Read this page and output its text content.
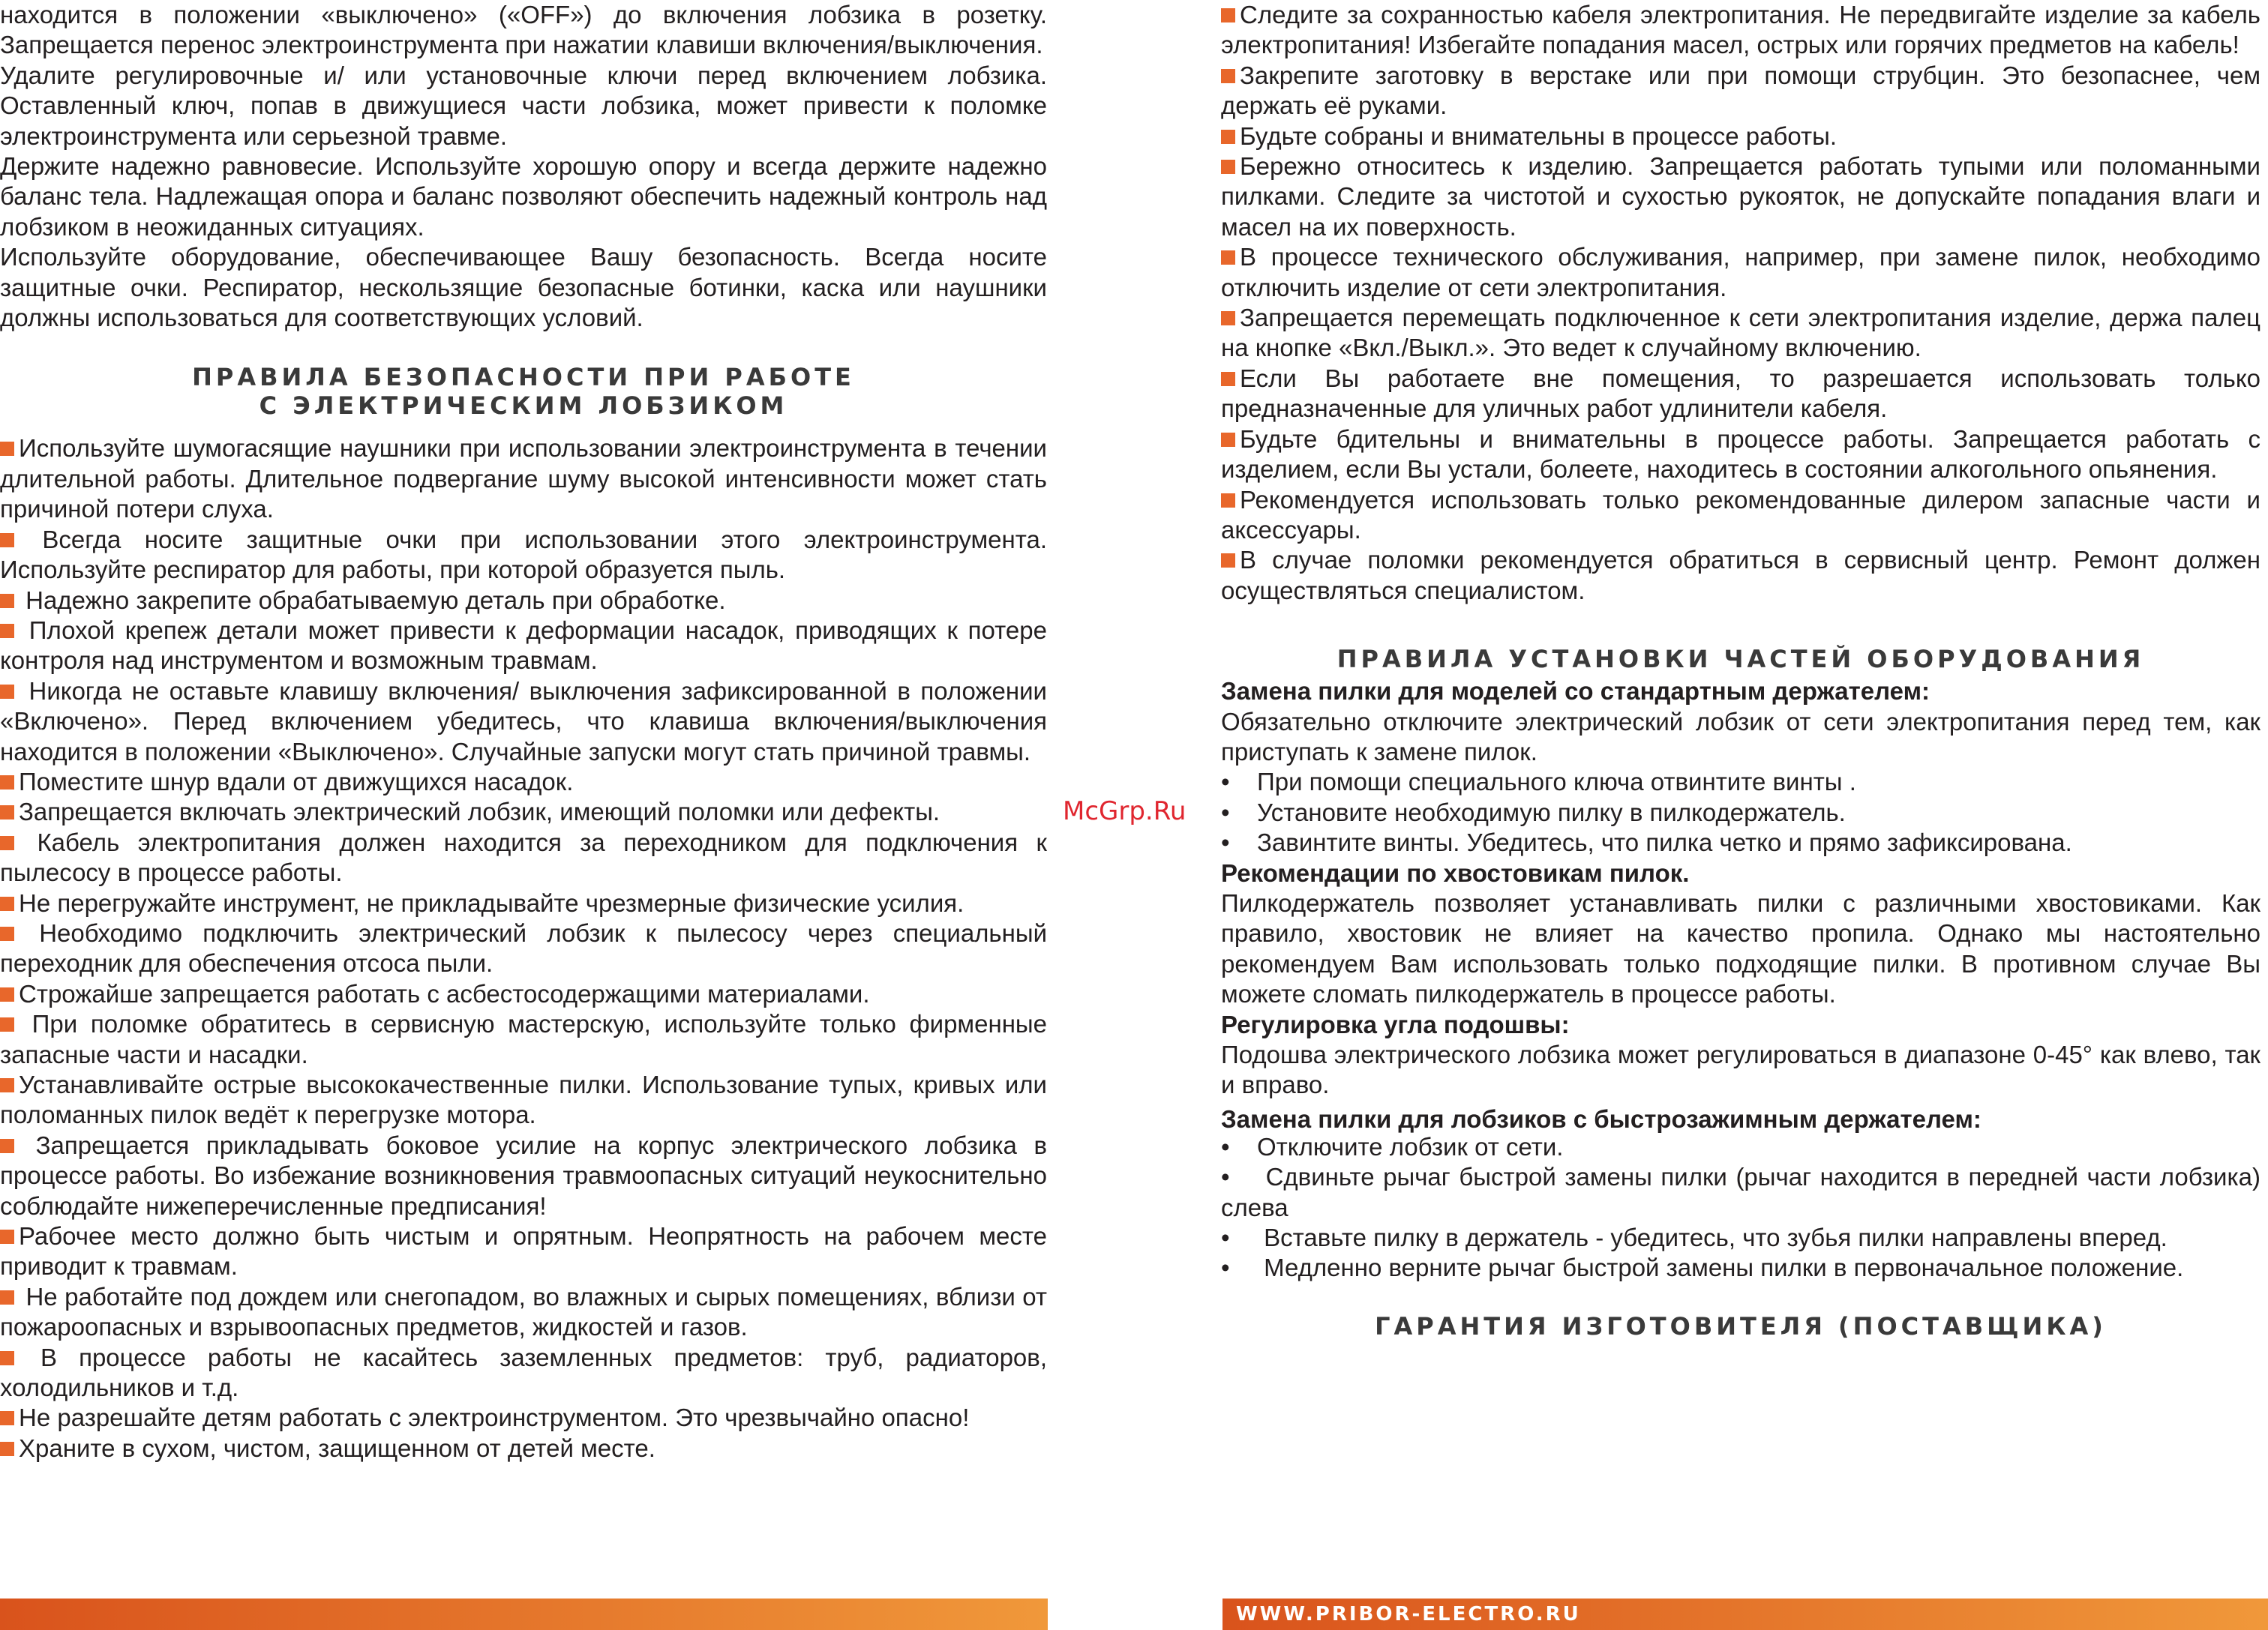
находится в положении «выключено» («OFF») до включения лобзика в розетку. Запрещается перенос электроинструмента при нажатии клавиши включения/выключения.

Удалите регулировочные и/ или установочные ключи перед включением лобзика. Оставленный ключ, попав в движущиеся части лобзика, может привести к поломке электроинструмента или серьезной травме.

Держите надежно равновесие. Используйте хорошую опору и всегда держите надежно баланс тела. Надлежащая опора и баланс позволяют обеспечить надежный контроль над лобзиком в неожиданных ситуациях.

Используйте оборудование, обеспечивающее Вашу безопасность. Всегда носите защитные очки. Респиратор, нескользящие безопасные ботинки, каска или наушники должны использоваться для соответствующих условий.

ПРАВИЛА БЕЗОПАСНОСТИ ПРИ РАБОТЕ

С ЭЛЕКТРИЧЕСКИМ ЛОБЗИКОМ

Используйте шумогасящие наушники при использовании электроинструмента в течении длительной работы. Длительное подвергание шуму высокой интенсивности может стать причиной потери слуха.

Всегда носите защитные очки при использовании этого электроинструмента. Используйте респиратор для работы, при которой образуется пыль.

Надежно закрепите обрабатываемую деталь при обработке.

Плохой крепеж детали может привести к деформации насадок, приводящих к потере контроля над инструментом и возможным травмам.

Никогда не оставьте клавишу включения/ выключения зафиксированной в положении «Включено». Перед включением убедитесь, что клавиша включения/выключения находится в положении «Выключено». Случайные запуски могут стать причиной травмы.

Поместите шнур вдали от движущихся насадок.

Запрещается включать электрический лобзик, имеющий поломки или дефекты.

Кабель электропитания должен находится за переходником для подключения к пылесосу в процессе работы.

Не перегружайте инструмент, не прикладывайте чрезмерные физические усилия.

Необходимо подключить электрический лобзик к пылесосу через специальный переходник для обеспечения отсоса пыли.

Строжайше запрещается работать с асбестосодержащими материалами.

При поломке обратитесь в сервисную мастерскую, используйте только фирменные запасные части и насадки.

Устанавливайте острые высококачественные пилки. Использование тупых, кривых или поломанных пилок ведёт к перегрузке мотора.

Запрещается прикладывать боковое усилие на корпус электрического лобзика в процессе работы. Во избежание возникновения травмоопасных ситуаций неукоснительно соблюдайте нижеперечисленные предписания!

Рабочее место должно быть чистым и опрятным. Неопрятность на рабочем месте приводит к травмам.

Не работайте под дождем или снегопадом, во влажных и сырых помещениях, вблизи от пожароопасных и взрывоопасных предметов, жидкостей и газов.

В процессе работы не касайтесь заземленных предметов: труб, радиаторов, холодильников и т.д.

Не разрешайте детям работать с электроинструментом. Это чрезвычайно опасно!

Храните в сухом, чистом, защищенном от детей месте.

Следите за сохранностью кабеля электропитания. Не передвигайте изделие за кабель электропитания! Избегайте попадания масел, острых или горячих предметов на кабель!

Закрепите заготовку в верстаке или при помощи струбцин. Это безопаснее, чем держать её руками.

Будьте собраны и внимательны в процессе работы.

Бережно относитесь к изделию. Запрещается работать тупыми или поломанными пилками. Следите за чистотой и сухостью рукояток, не допускайте попадания влаги и масел на их поверхность.

В процессе технического обслуживания, например, при замене пилок, необходимо отключить изделие от сети электропитания.

Запрещается перемещать подключенное к сети электропитания изделие, держа палец на кнопке «Вкл./Выкл.». Это ведет к случайному включению.

Если Вы работаете вне помещения, то разрешается использовать только предназначенные для уличных работ удлинители кабеля.

Будьте бдительны и внимательны в процессе работы. Запрещается работать с изделием, если Вы устали, болеете, находитесь в состоянии алкогольного опьянения.

Рекомендуется использовать только рекомендованные дилером запасные части и аксессуары.

В случае поломки рекомендуется обратиться в сервисный центр. Ремонт должен осуществляться специалистом.

ПРАВИЛА УСТАНОВКИ ЧАСТЕЙ ОБОРУДОВАНИЯ

Замена пилки для моделей со стандартным держателем:

Обязательно отключите электрический лобзик от сети электропитания перед тем, как приступать к замене пилок.

• При помощи специального ключа отвинтите винты .

• Установите необходимую пилку в пилкодержатель.

• Завинтите винты. Убедитесь, что пилка четко и прямо зафиксирована.

Рекомендации по хвостовикам пилок.

Пилкодержатель позволяет устанавливать пилки с различными хвостовиками. Как правило, хвостовик не влияет на качество пропила. Однако мы настоятельно рекомендуем Вам использовать только подходящие пилки. В противном случае Вы можете сломать пилкодержатель в процессе работы.

Регулировка угла подошвы:

Подошва электрического лобзика может регулироваться в диапазоне 0-45° как влево, так и вправо.

Замена пилки для лобзиков с быстрозажимным держателем:

• Отключите лобзик от сети.

• Сдвиньте рычаг быстрой замены пилки (рычаг находится в передней части лобзика) слева

• Вставьте пилку в держатель - убедитесь, что зубья пилки направлены вперед.

• Медленно верните рычаг быстрой замены пилки в первоначальное положение.

ГАРАНТИЯ ИЗГОТОВИТЕЛЯ (ПОСТАВЩИКА)

McGrp.Ru
WWW.PRIBOR-ELECTRO.RU
